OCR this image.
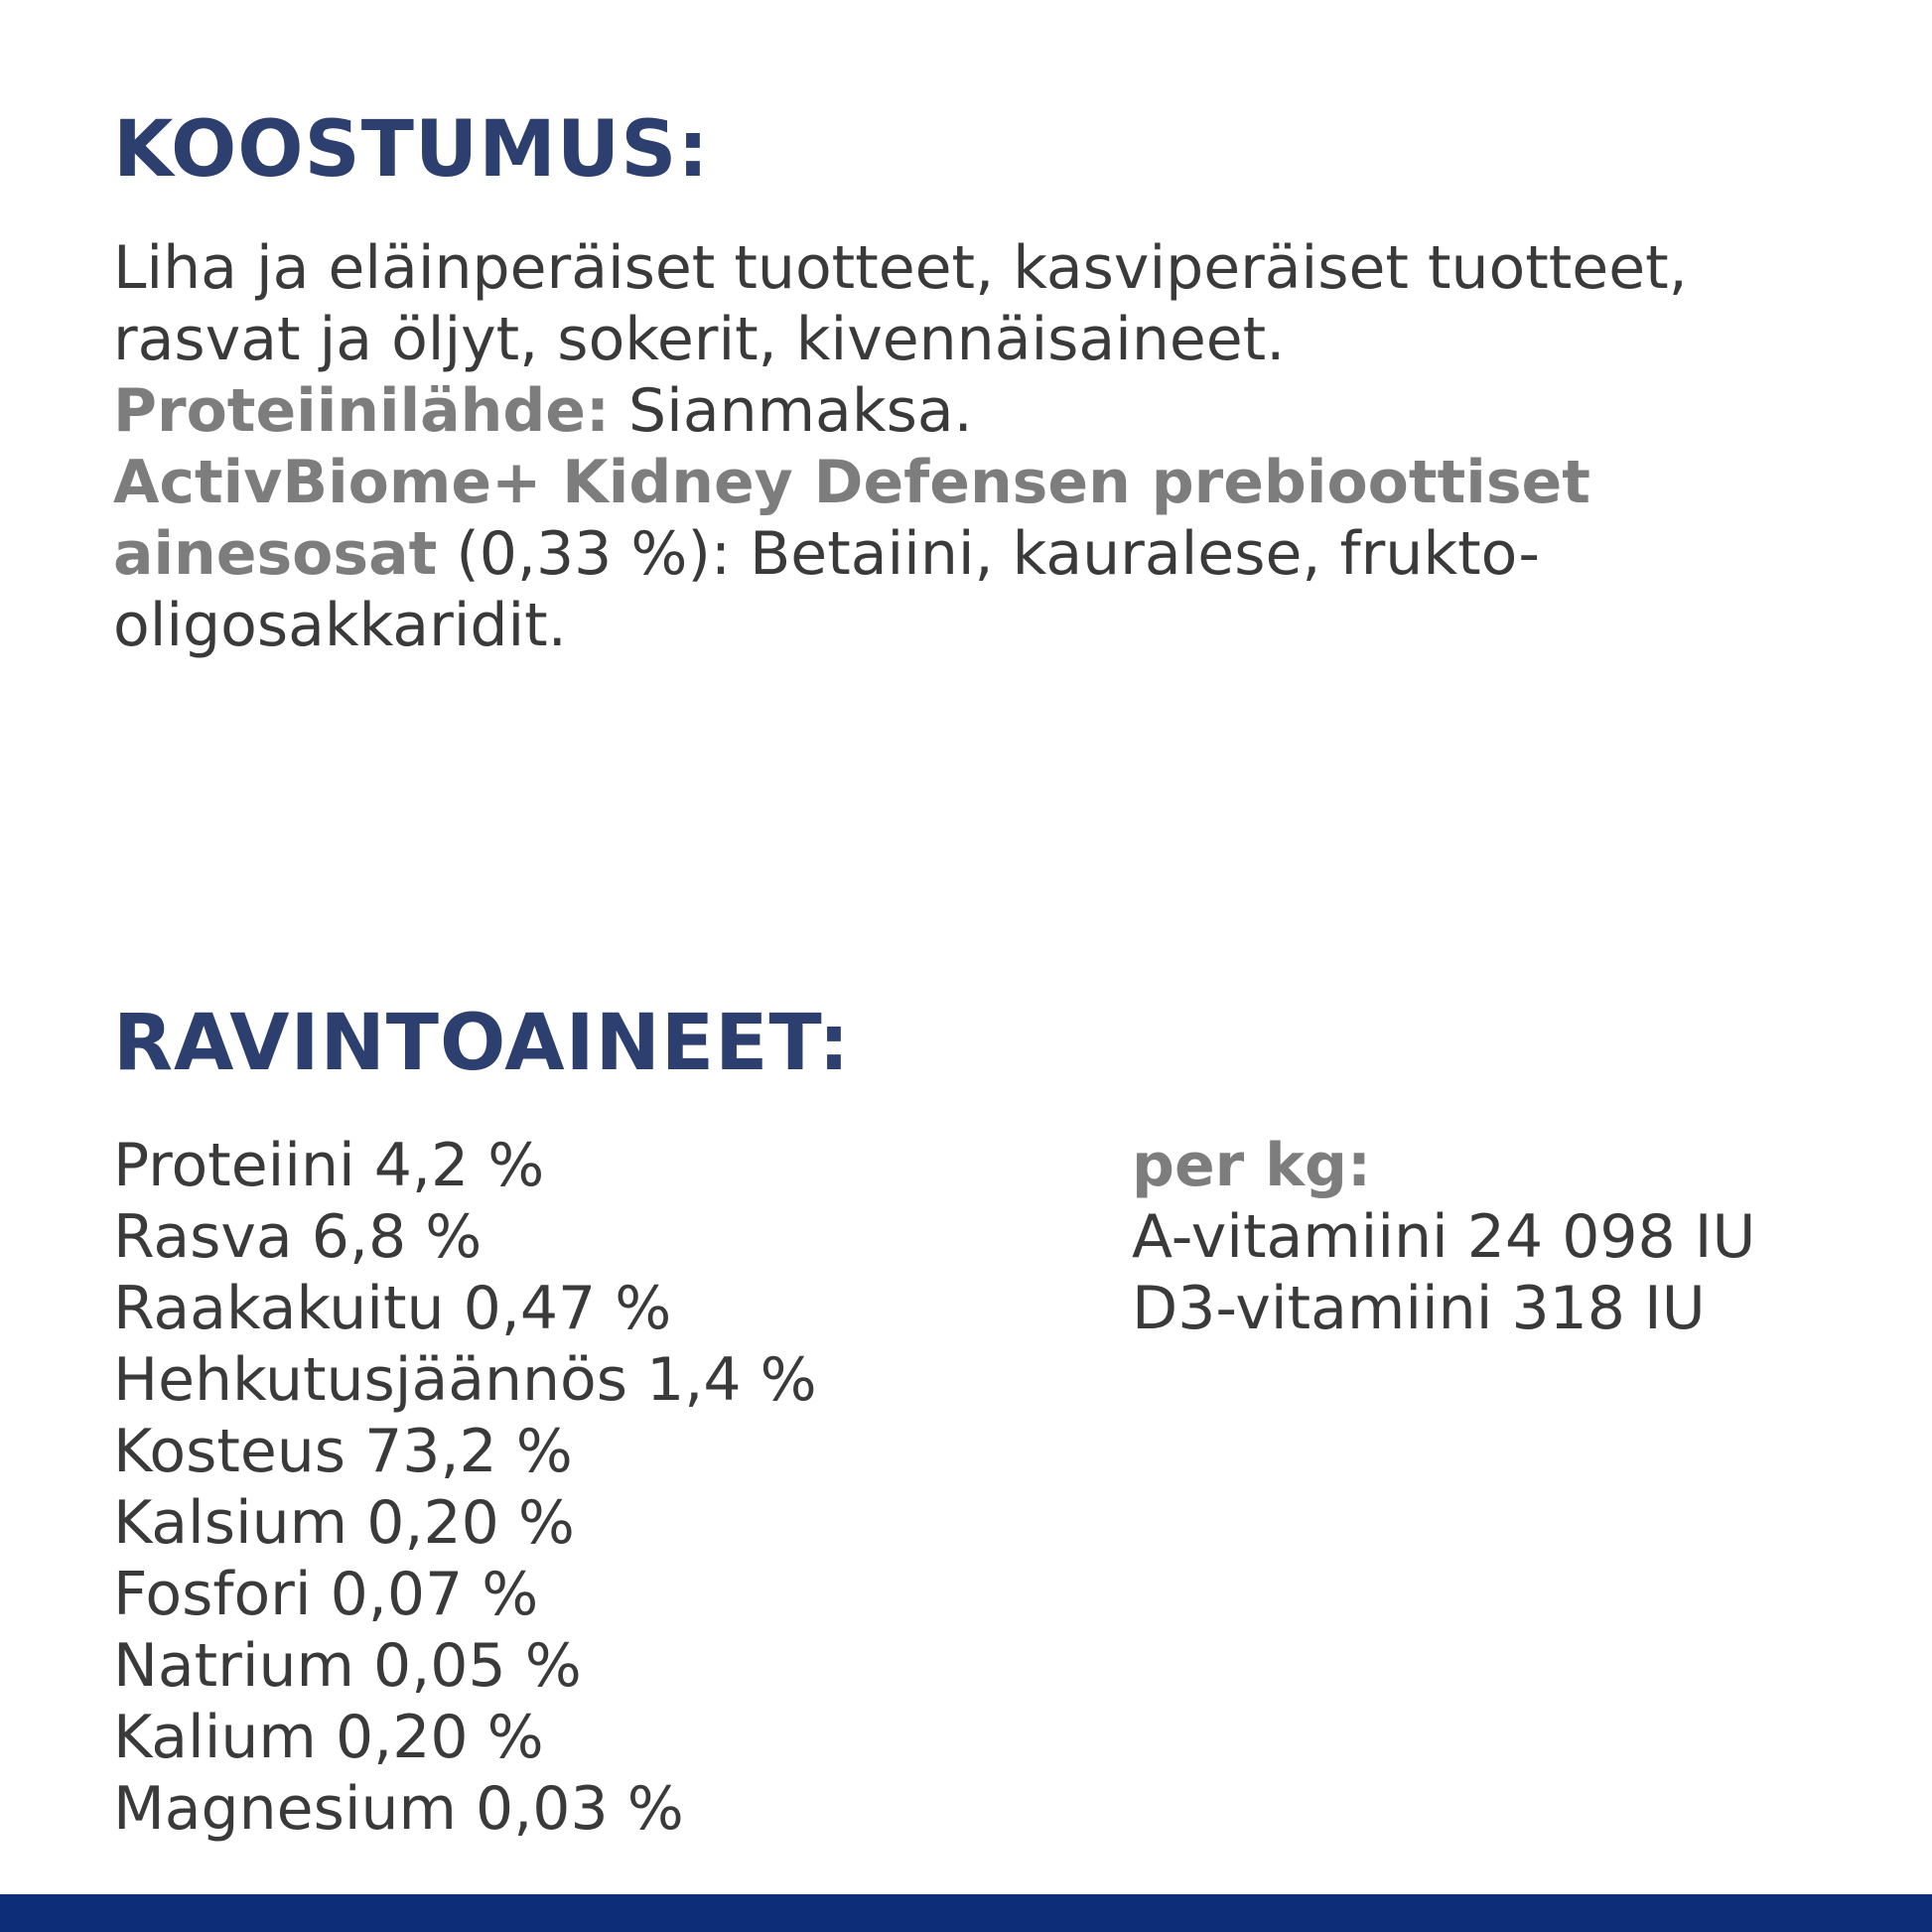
KOOSTUMUS:

Liha ja eläinperäiset tuotteet, kasviperäiset tuotteet, rasvat ja öljyt, sokerit, kivennäisaineet.

Proteiinilähde: Sianmaksa.

ActivBiome+ Kidney Defensen prebioottiset ainesosat (0,33 %): Betaiini, kauralese, frukto-oligosakkaridit.

RAVINTOAINEET:
Proteiini 4,2 %
Rasva 6,8 %
Raakakuitu 0,47 %
Hehkutusjäännös 1,4 %
Kosteus 73,2 %
Kalsium 0,20 %
Fosfori 0,07 %
Natrium 0,05 %
Kalium 0,20 %
Magnesium 0,03 %
per kg:
A-vitamiini 24 098 IU
D3-vitamiini 318 IU
